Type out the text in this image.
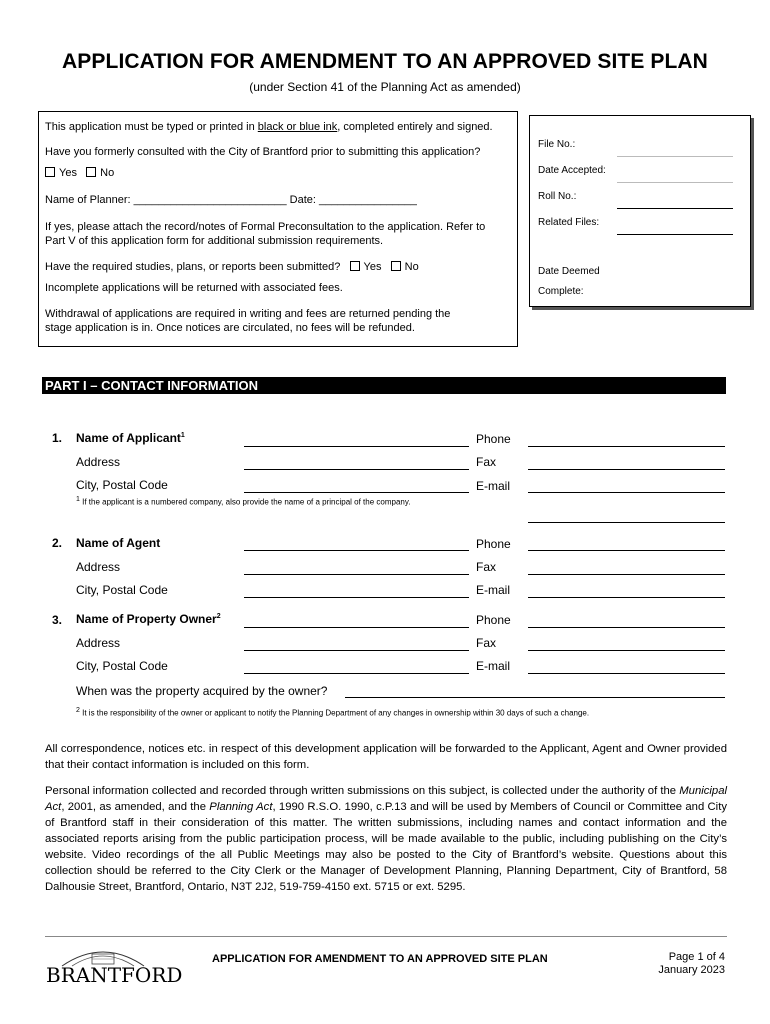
APPLICATION FOR AMENDMENT TO AN APPROVED SITE PLAN
(under Section 41 of the Planning Act as amended)
This application must be typed or printed in black or blue ink, completed entirely and signed.
Have you formerly consulted with the City of Brantford prior to submitting this application?
Yes No
Name of Planner: _________________________ Date: ________________
If yes, please attach the record/notes of Formal Preconsultation to the application. Refer to
Part V of this application form for additional submission requirements.
Have the required studies, plans, or reports been submitted? Yes No
Incomplete applications will be returned with associated fees.
Withdrawal of applications are required in writing and fees are returned pending the
stage application is in. Once notices are circulated, no fees will be refunded.
File No.:
Date Accepted:
Roll No.:
Related Files:
Date Deemed
Complete:
PART I – CONTACT INFORMATION
1. Name of Applicant$^1$	Phone
Address	Fax
City, Postal Code	E-mail
$^1$ If the applicant is a numbered company, also provide the name of a principal of the company.
2. Name of Agent	Phone
Address	Fax
City, Postal Code	E-mail
3. Name of Property Owner$^2$	Phone
Address	Fax
City, Postal Code	E-mail
When was the property acquired by the owner?
$^2$ It is the responsibility of the owner or applicant to notify the Planning Department of any changes in ownership within 30 days of such a change.
All correspondence, notices etc. in respect of this development application will be forwarded to the Applicant, Agent and Owner provided that their contact information is included on this form.
Personal information collected and recorded through written submissions on this subject, is collected under the authority of the Municipal Act, 2001, as amended, and the Planning Act, 1990 R.S.O. 1990, c.P.13 and will be used by Members of Council or Committee and City of Brantford staff in their consideration of this matter. The written submissions, including names and contact information and the associated reports arising from the public participation process, will be made available to the public, including publishing on the City’s website. Video recordings of the all Public Meetings may also be posted to the City of Brantford’s website. Questions about this collection should be referred to the City Clerk or the Manager of Development Planning, Planning Department, City of Brantford, 58 Dalhousie Street, Brantford, Ontario, N3T 2J2, 519-759-4150 ext. 5715 or ext. 5295.
BRANTFORD
APPLICATION FOR AMENDMENT TO AN APPROVED SITE PLAN	Page 1 of 4
January 2023
